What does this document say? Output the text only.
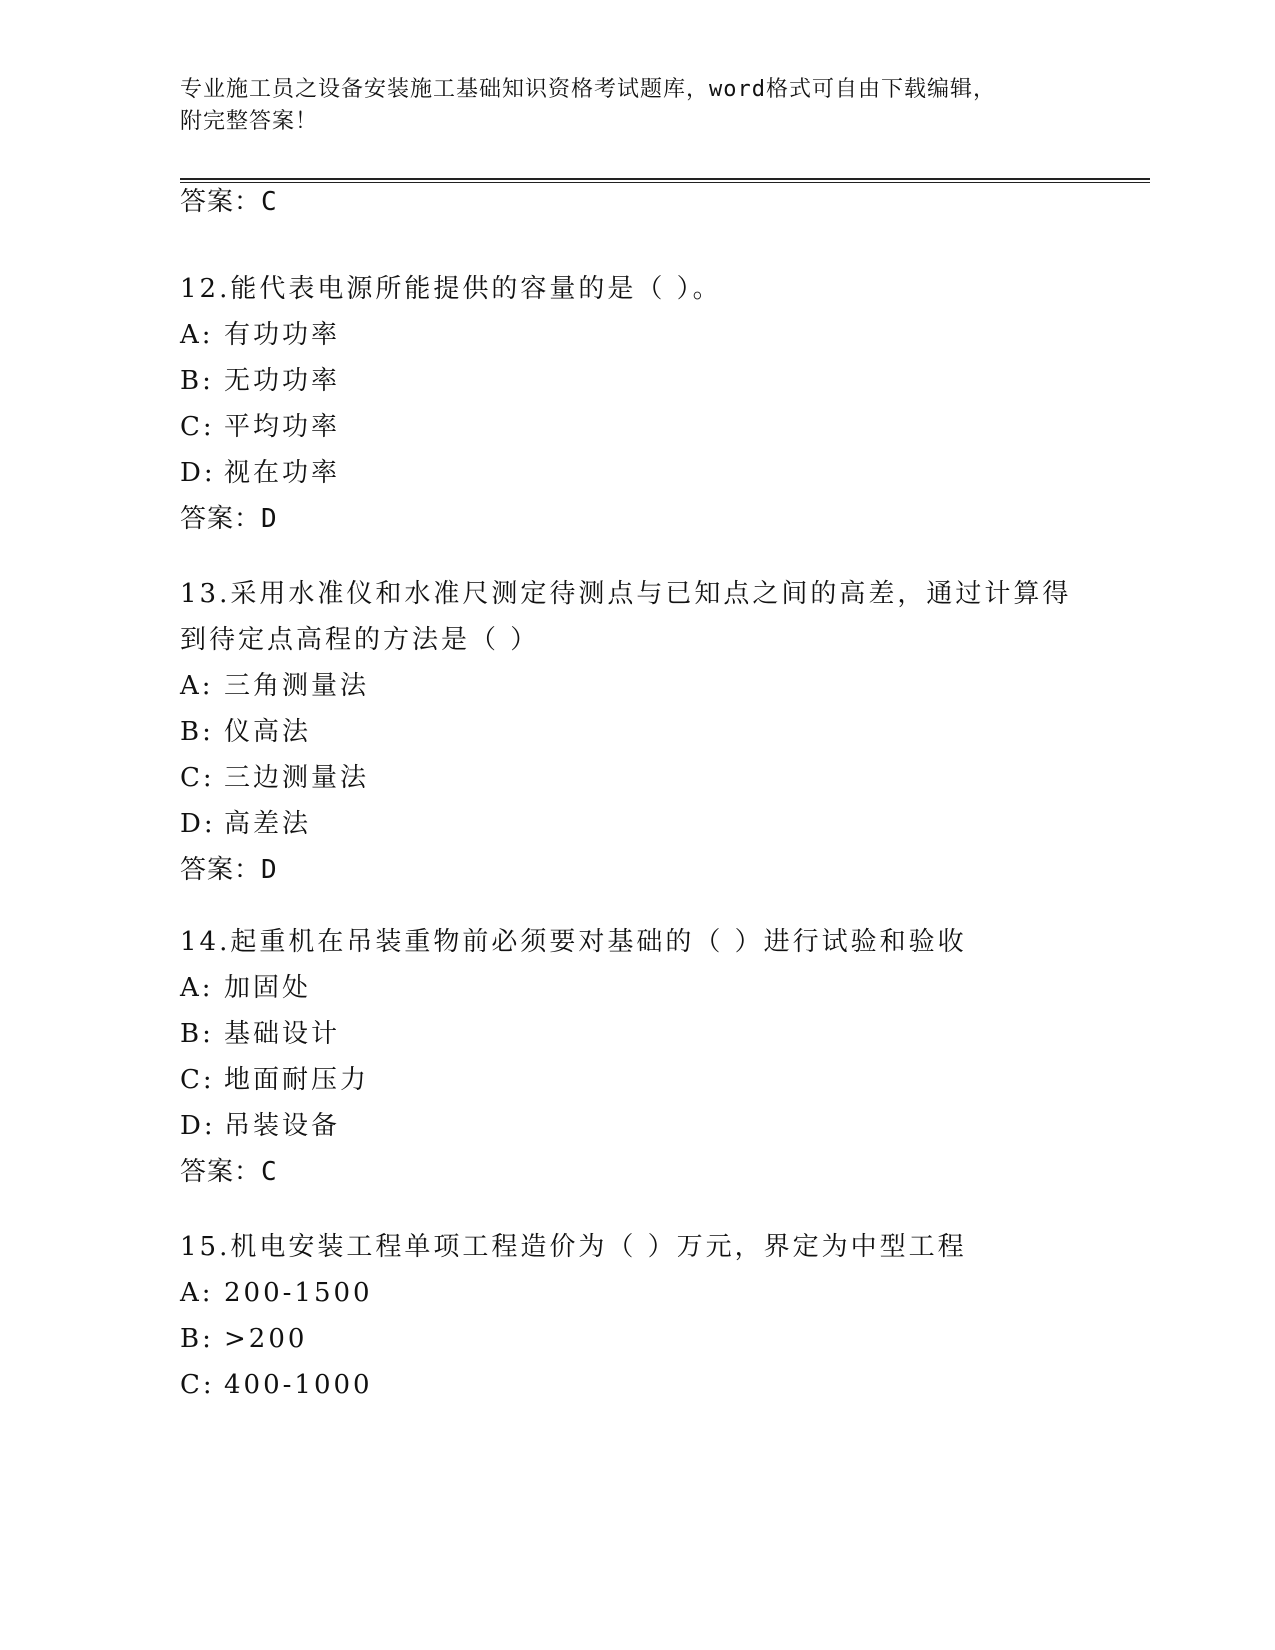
专业施工员之设备安装施工基础知识资格考试题库，word格式可自由下载编辑，
附完整答案！
答案：C
12.能代表电源所能提供的容量的是（ ）。
A: 有功功率
B: 无功功率
C: 平均功率
D: 视在功率
答案：D
13.采用水准仪和水准尺测定待测点与已知点之间的高差，通过计算得
到待定点高程的方法是（ ）
A: 三角测量法
B: 仪高法
C: 三边测量法
D: 高差法
答案：D
14.起重机在吊装重物前必须要对基础的（ ）进行试验和验收
A: 加固处
B: 基础设计
C: 地面耐压力
D: 吊装设备
答案：C
15.机电安装工程单项工程造价为（ ）万元，界定为中型工程
A: 200-1500
B: >200
C: 400-1000
